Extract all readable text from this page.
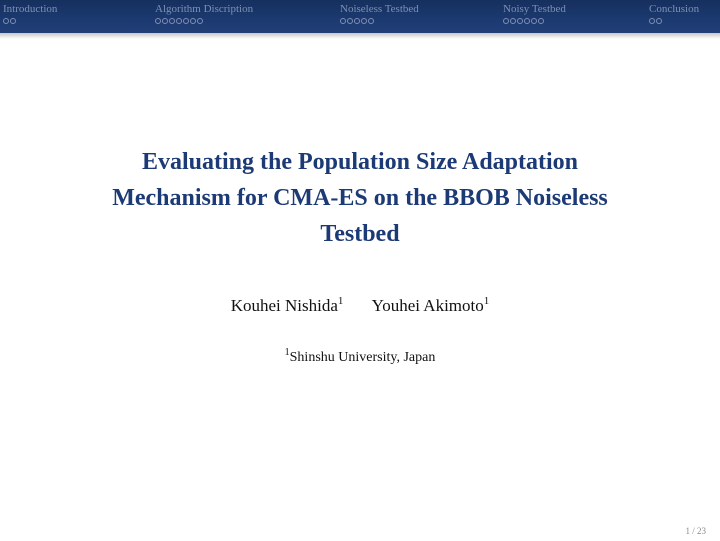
Introduction	Algorithm Discription	Noiseless Testbed	Noisy Testbed	Conclusion
Evaluating the Population Size Adaptation
Mechanism for CMA-ES on the BBOB Noiseless
Testbed
Kouhei Nishida$^1$ Youhei Akimoto$^1$
$^1$Shinshu University, Japan
1 / 23
